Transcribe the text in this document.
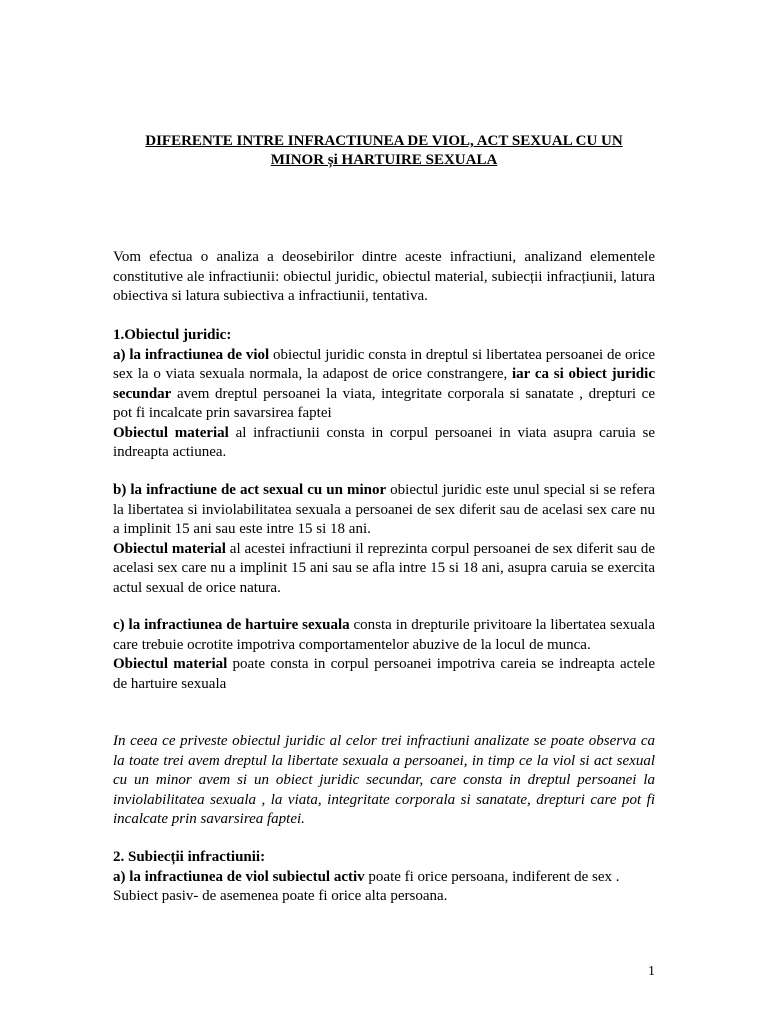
DIFERENTE INTRE INFRACTIUNEA DE VIOL, ACT SEXUAL CU UN
MINOR și HARTUIRE SEXUALA

Vom efectua o analiza a deosebirilor dintre aceste infractiuni, analizand elementele constitutive ale infractiunii: obiectul juridic, obiectul material, subiecții infracțiunii, latura obiectiva si latura subiectiva a infractiunii, tentativa.

1.Obiectul juridic:

a) la infractiunea de viol obiectul juridic consta in dreptul si libertatea persoanei de orice sex la o viata sexuala normala, la adapost de orice constrangere, iar ca si obiect juridic secundar avem dreptul persoanei la viata, integritate corporala si sanatate , drepturi ce pot fi incalcate prin savarsirea faptei

Obiectul material al infractiunii consta in corpul persoanei in viata asupra caruia se indreapta actiunea.

b) la infractiune de act sexual cu un minor obiectul juridic este unul special si se refera la libertatea si inviolabilitatea sexuala a persoanei de sex diferit sau de acelasi sex care nu a implinit 15 ani sau este intre 15 si 18 ani.

Obiectul material al acestei infractiuni il reprezinta corpul persoanei de sex diferit sau de acelasi sex care nu a implinit 15 ani sau se afla intre 15 si 18 ani, asupra caruia se exercita actul sexual de orice natura.

c) la infractiunea de hartuire sexuala consta in drepturile privitoare la libertatea sexuala care trebuie ocrotite impotriva comportamentelor abuzive de la locul de munca.

Obiectul material poate consta in corpul persoanei impotriva careia se indreapta actele de hartuire sexuala

In ceea ce priveste obiectul juridic al celor trei infractiuni analizate se poate observa ca la toate trei avem dreptul la libertate sexuala a persoanei, in timp ce la viol si act sexual cu un minor avem si un obiect juridic secundar, care consta in dreptul persoanei la inviolabilitatea sexuala , la viata, integritate corporala si sanatate, drepturi care pot fi incalcate prin savarsirea faptei.

2. Subiecții infractiunii:

a) la infractiunea de viol subiectul activ poate fi orice persoana, indiferent de sex .

Subiect pasiv- de asemenea poate fi orice alta persoana.

1
